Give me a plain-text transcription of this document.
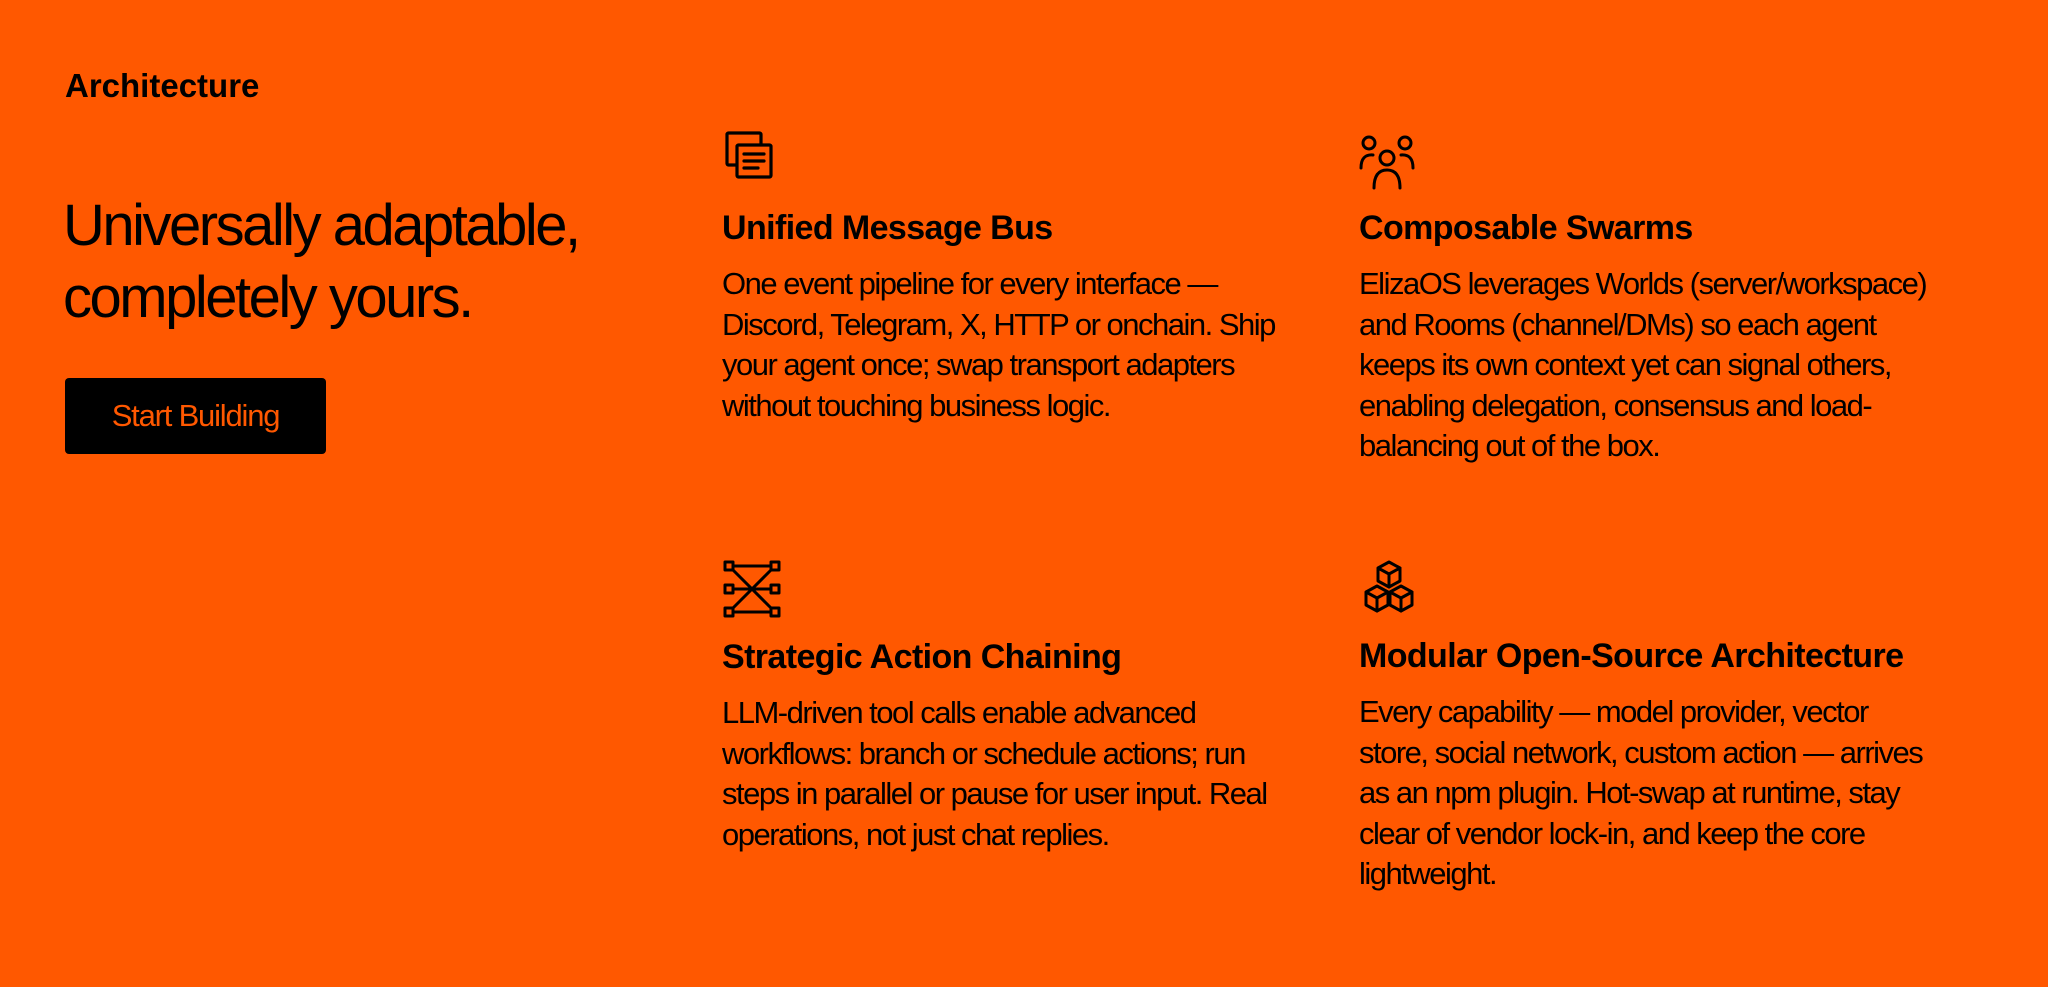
Architecture
Universally adaptable,
completely yours.
Start Building
Unified Message Bus

One event pipeline for every interface — Discord, Telegram, X, HTTP or onchain. Ship your agent once; swap transport adapters without touching business logic.

Composable Swarms

ElizaOS leverages Worlds (server/workspace) and Rooms (channel/DMs) so each agent keeps its own context yet can signal others, enabling delegation, consensus and load-balancing out of the box.

Strategic Action Chaining

LLM-driven tool calls enable advanced workflows: branch or schedule actions; run steps in parallel or pause for user input. Real operations, not just chat replies.

Modular Open-Source Architecture

Every capability — model provider, vector store, social network, custom action — arrives as an npm plugin. Hot-swap at runtime, stay clear of vendor lock-in, and keep the core lightweight.
